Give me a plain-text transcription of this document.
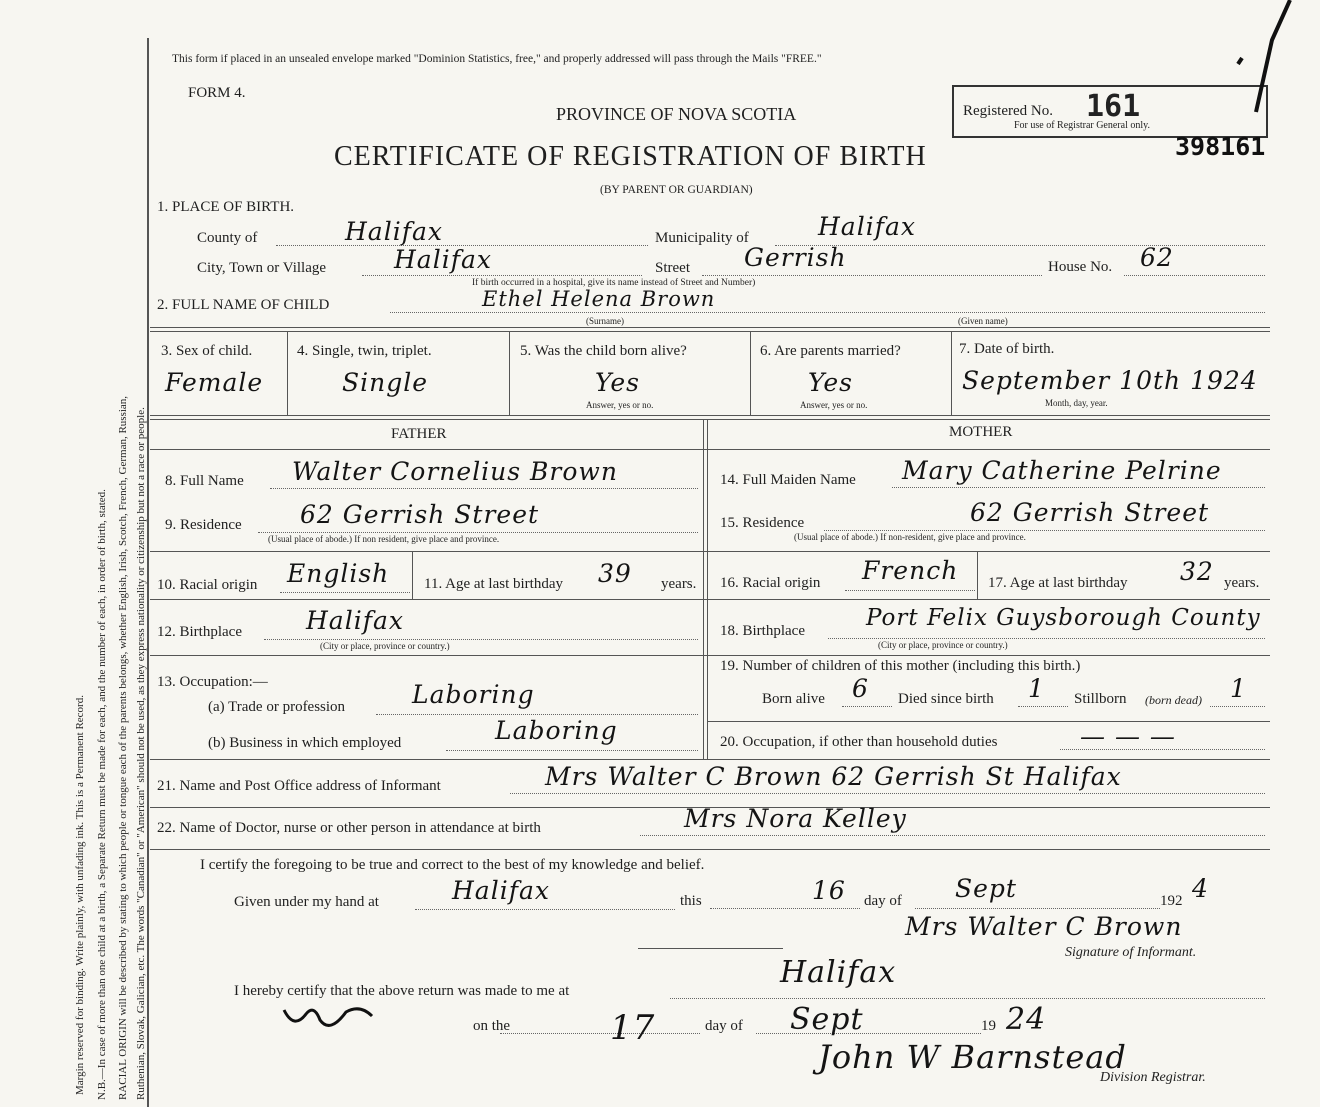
Margin reserved for binding. Write plainly, with unfading ink. This is a Permanent Record. N.B.—In case of more than one child at a birth, a Separate Return must be made for each, and the number of each, in order of birth, stated. RACIAL ORIGIN will be described by stating to which people or tongue each of the parents belongs, whether English, Irish, Scotch, French, German, Russian, Ruthenian, Slovak, Galician, etc. The words "Canadian" or "American" should not be used, as they express nationality or citizenship but not a race or people.
This form if placed in an unsealed envelope marked "Dominion Statistics, free," and properly addressed will pass through the Mails "FREE."
FORM 4.
PROVINCE OF NOVA SCOTIA
CERTIFICATE OF REGISTRATION OF BIRTH
(BY PARENT OR GUARDIAN)
Registered No. 161
For use of Registrar General only.
398161
1. PLACE OF BIRTH.
County of	Halifax	Municipality of	Halifax
City, Town or Village	Halifax
If birth occurred in a hospital, give its name instead of Street and Number)
Street Gerrish	House No. 62
2. FULL NAME OF CHILD	Ethel Helena Brown
(Surname)	(Given name)
3. Sex of child.
Female
4. Single, twin, triplet.
Single
5. Was the child born alive?
Yes
Answer, yes or no.
6. Are parents married?
Yes
Answer, yes or no.
7. Date of birth.
September 10th 1924
Month, day, year.
FATHER	MOTHER
8. Full Name Walter Cornelius Brown	14. Full Maiden Name Mary Catherine Pelrine
9. Residence 62 Gerrish Street
(Usual place of abode.) If non resident, give place and province.
15. Residence	62 Gerrish Street
(Usual place of abode.) If non-resident, give place and province.
10. Racial origin English 11. Age at last birthday 39 years. 16. Racial origin French 17. Age at last birthday 32 years.
12. Birthplace	Halifax
(City or place, province or country.)
18. Birthplace	Port Felix Guysborough County
(City or place, province or country.)
13. Occupation:—
(a) Trade or profession	Laboring
(b) Business in which employed	Laboring
19. Number of children of this mother (including this birth.)
Born alive 6 Died since birth 1 Stillborn (born dead) 1
20. Occupation, if other than household duties	— — —
21. Name and Post Office address of Informant	Mrs Walter C Brown 62 Gerrish St Halifax
22. Name of Doctor, nurse or other person in attendance at birth	Mrs Nora Kelley
I certify the foregoing to be true and correct to the best of my knowledge and belief.
Given under my hand at	Halifax	this	16 day of Sept	192 4
Mrs Walter C Brown
Signature of Informant.
I hereby certify that the above return was made to me at
Halifax
on the	17	day of Sept	19 24
John W Barnstead
Division Registrar.
